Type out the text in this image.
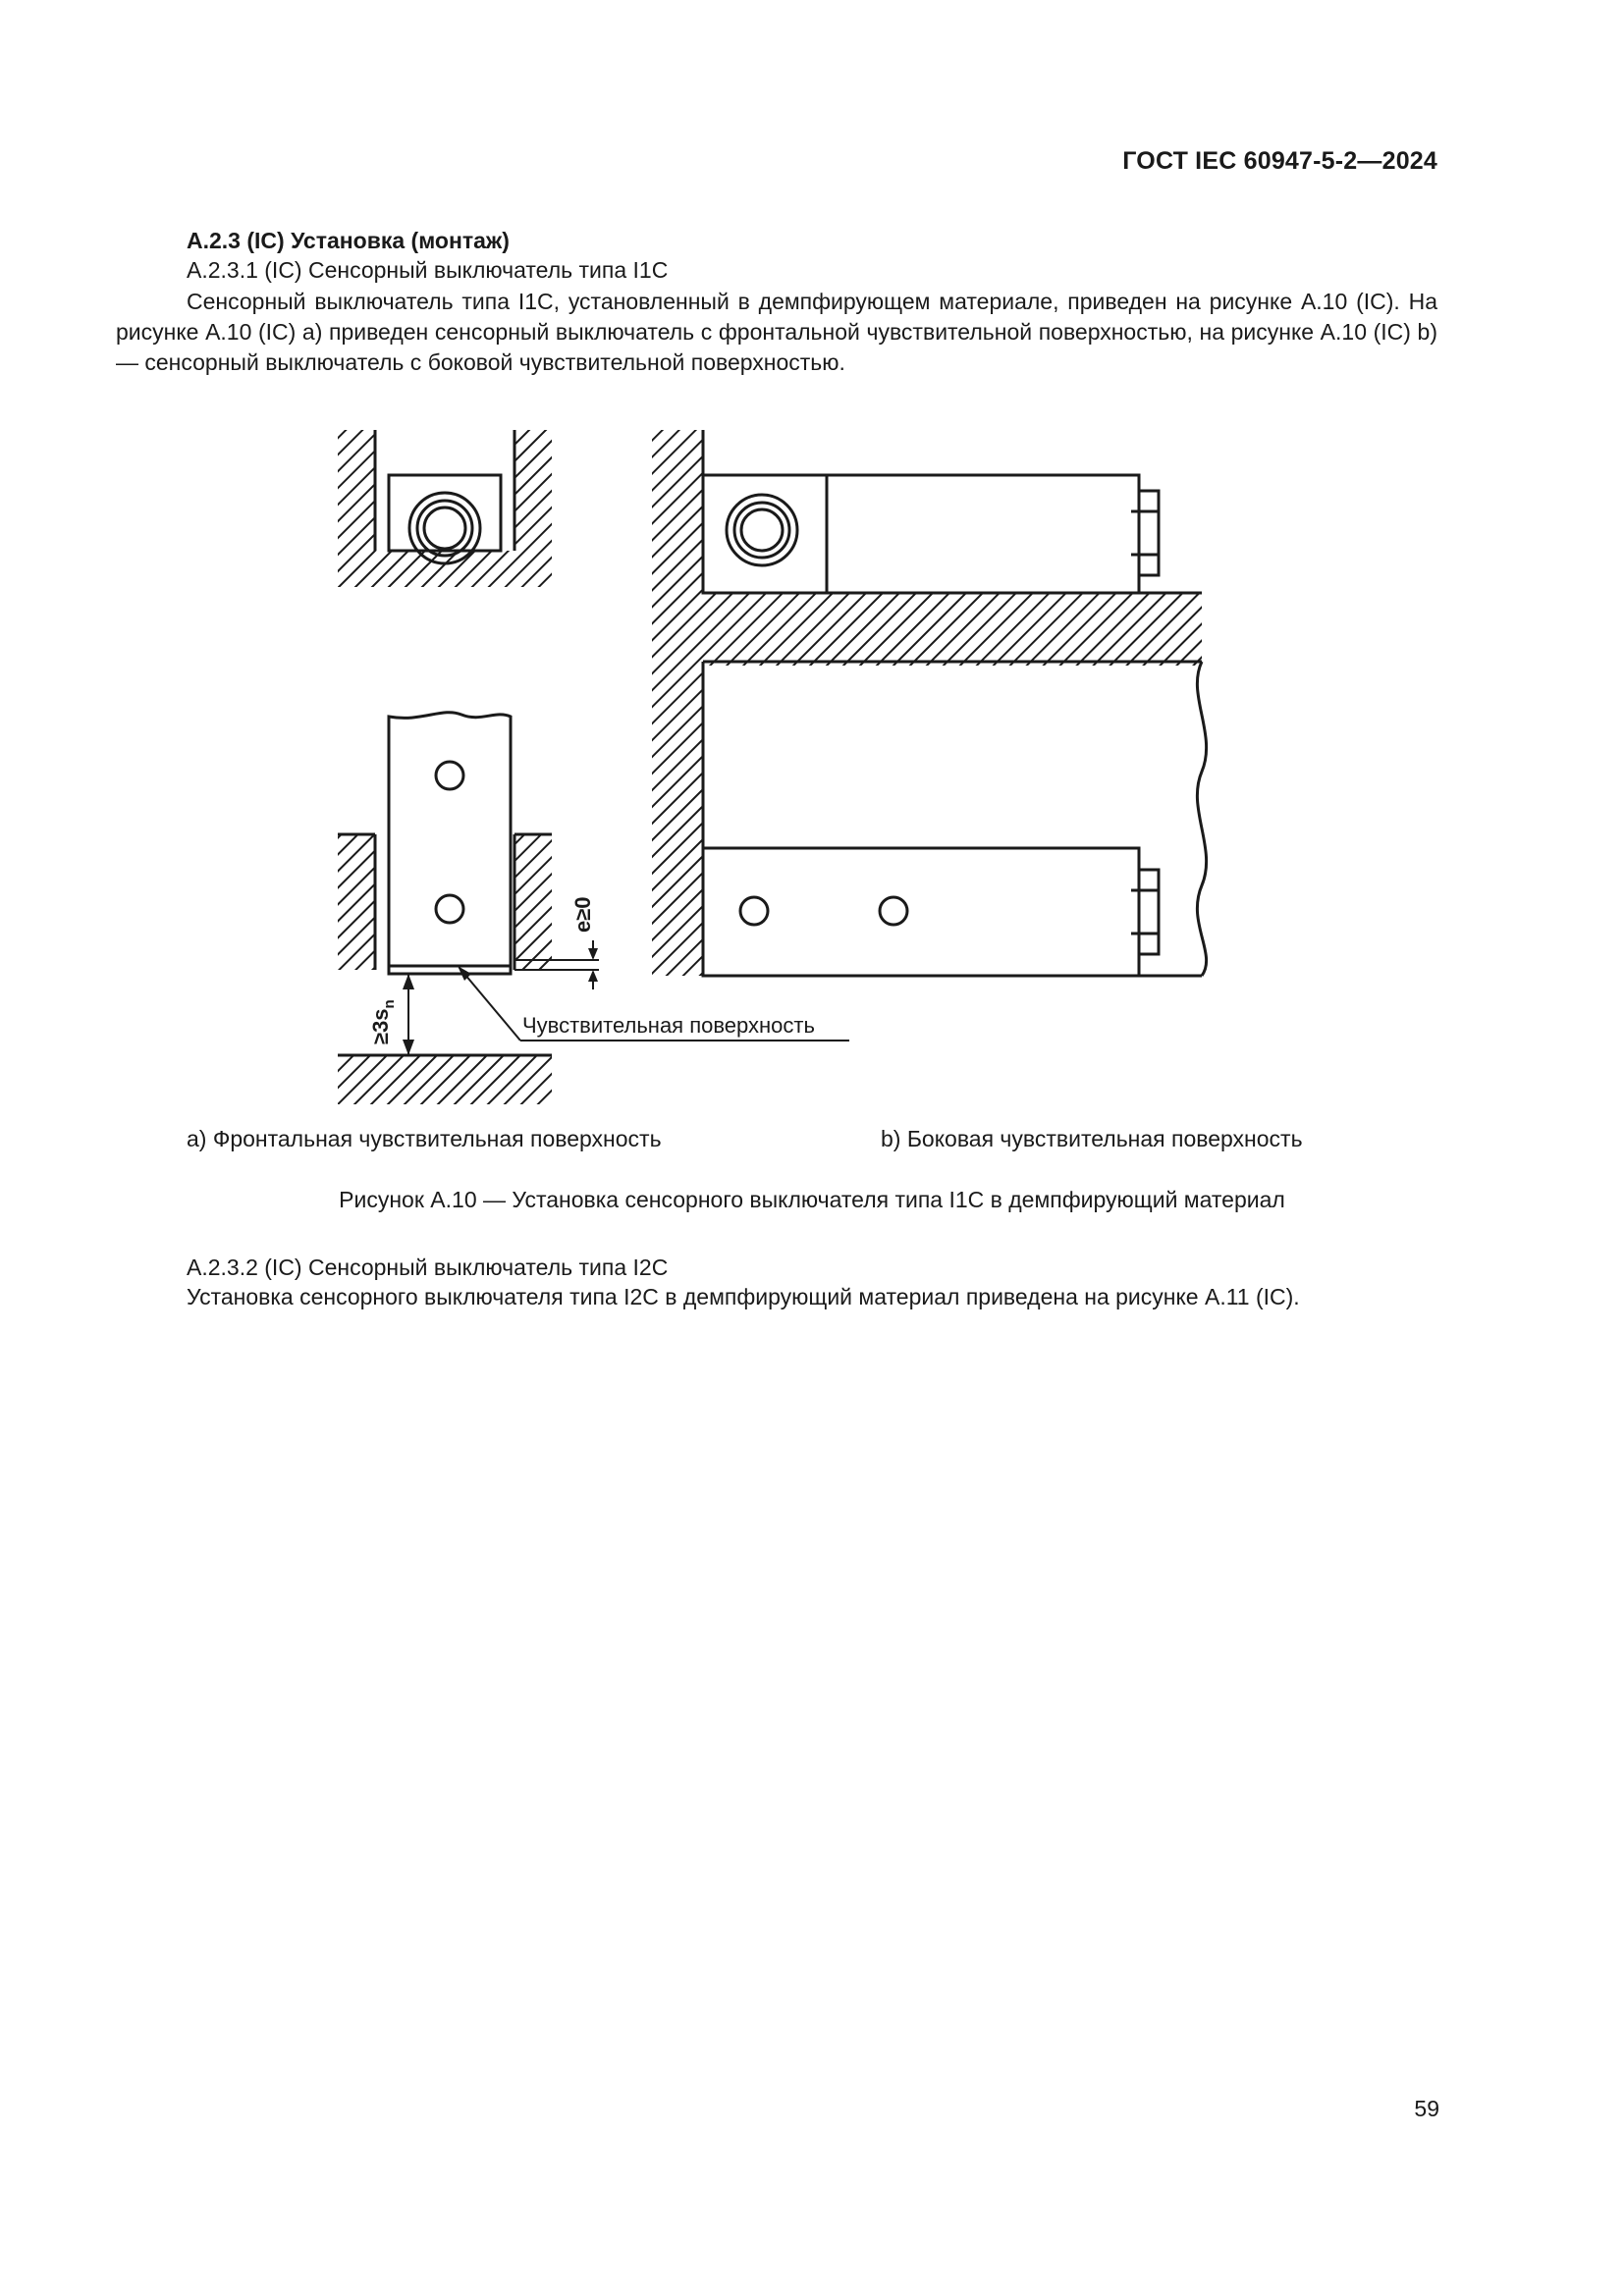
ГОСТ IEC 60947-5-2—2024
A.2.3 (IC) Установка (монтаж)
A.2.3.1 (IC) Сенсорный выключатель типа I1C
Сенсорный выключатель типа I1C, установленный в демпфирующем материале, приведен на рисунке A.10 (IC). На рисунке A.10 (IC) а) приведен сенсорный выключатель с фронтальной чувствительной поверхностью, на рисунке A.10 (IC) b) — сенсорный выключатель с боковой чувствительной поверхностью.
Чувствительная поверхность
e≥0
$\ge 3s_n$
а) Фронтальная чувствительная поверхность	b) Боковая чувствительная поверхность
Рисунок A.10 — Установка сенсорного выключателя типа I1C в демпфирующий материал
A.2.3.2 (IC) Сенсорный выключатель типа I2C
Установка сенсорного выключателя типа I2C в демпфирующий материал приведена на рисунке A.11 (IC).
59
